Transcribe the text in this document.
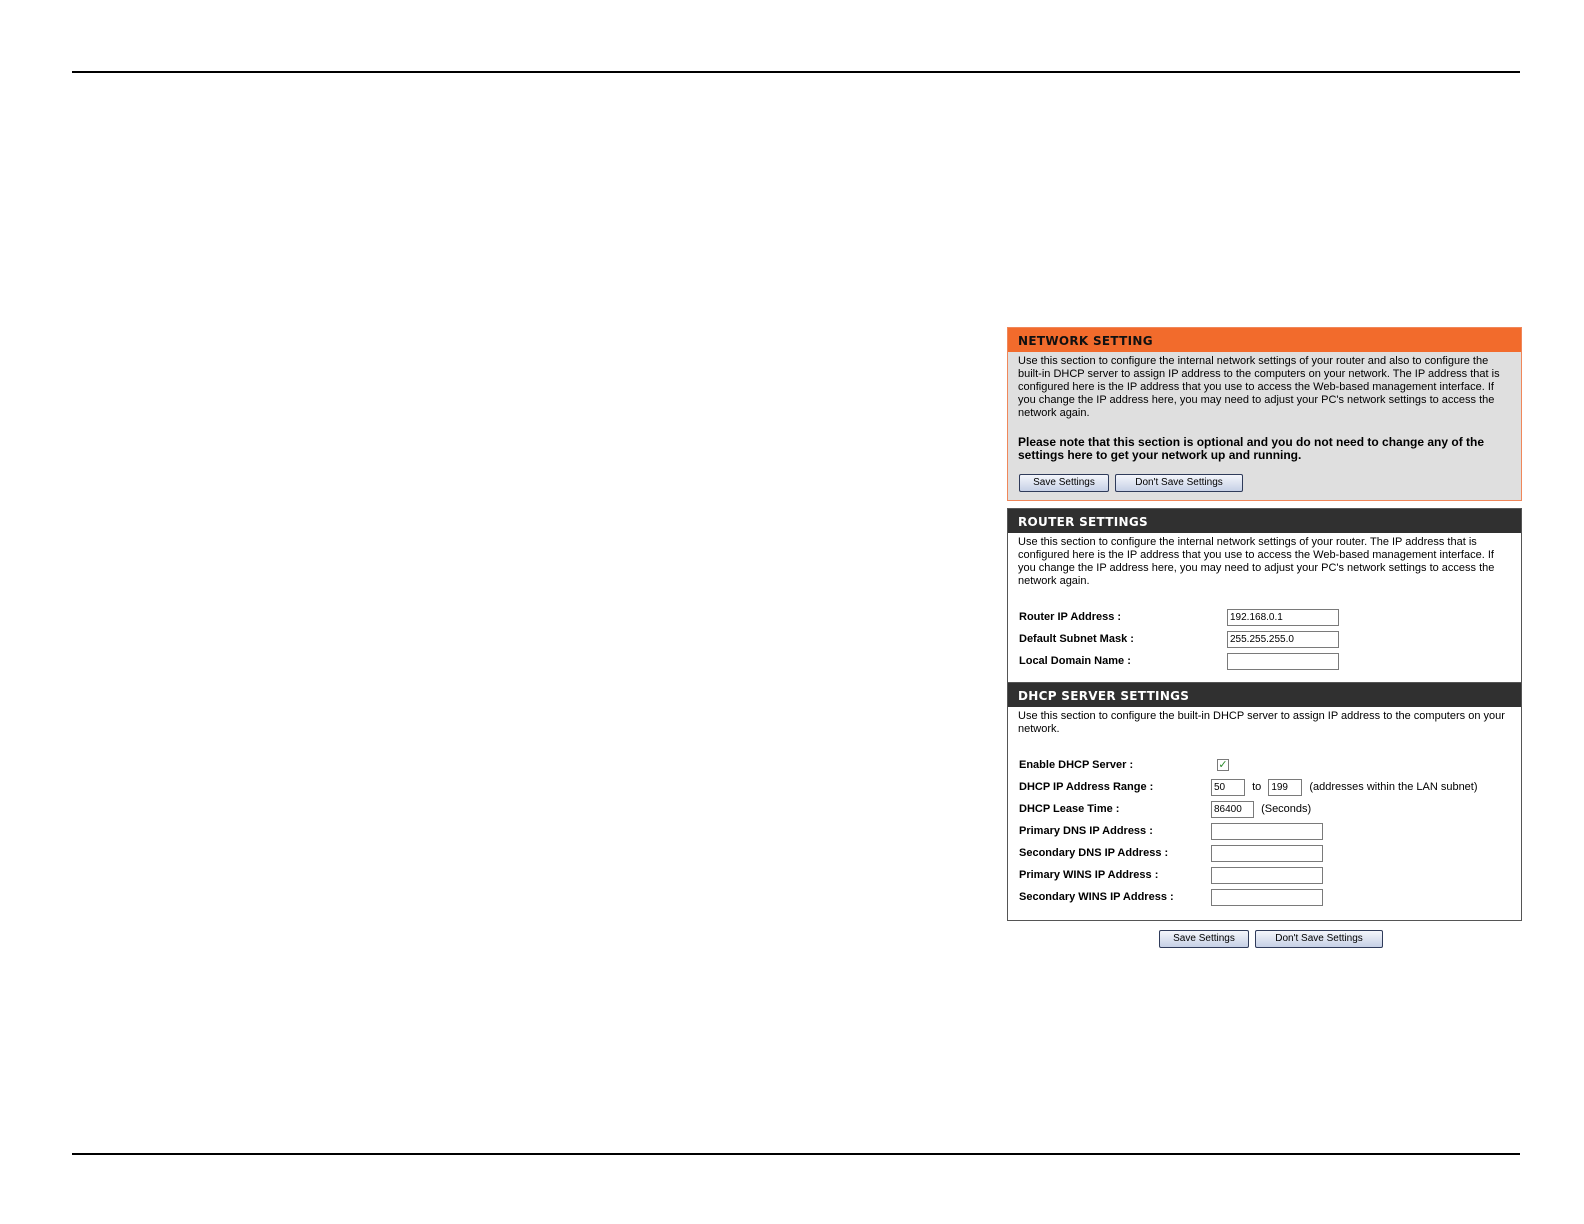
NETWORK SETTING

Use this section to configure the internal network settings of your router and also to configure the built-in DHCP server to assign IP address to the computers on your network. The IP address that is configured here is the IP address that you use to access the Web-based management interface. If you change the IP address here, you may need to adjust your PC's network settings to access the network again.

Please note that this section is optional and you do not need to change any of the settings here to get your network up and running.

Save Settings	Don't Save Settings
ROUTER SETTINGS

Use this section to configure the internal network settings of your router. The IP address that is configured here is the IP address that you use to access the Web-based management interface. If you change the IP address here, you may need to adjust your PC's network settings to access the network again.

Router IP Address :	192.168.0.1
Default Subnet Mask :	255.255.255.0
Local Domain Name :	
DHCP SERVER SETTINGS

Use this section to configure the built-in DHCP server to assign IP address to the computers on your network.

Enable DHCP Server :	✓
DHCP IP Address Range :	50 to 199 (addresses within the LAN subnet)
DHCP Lease Time :	86400 (Seconds)
Primary DNS IP Address :	
Secondary DNS IP Address :	
Primary WINS IP Address :	
Secondary WINS IP Address :	
Save Settings	Don't Save Settings
